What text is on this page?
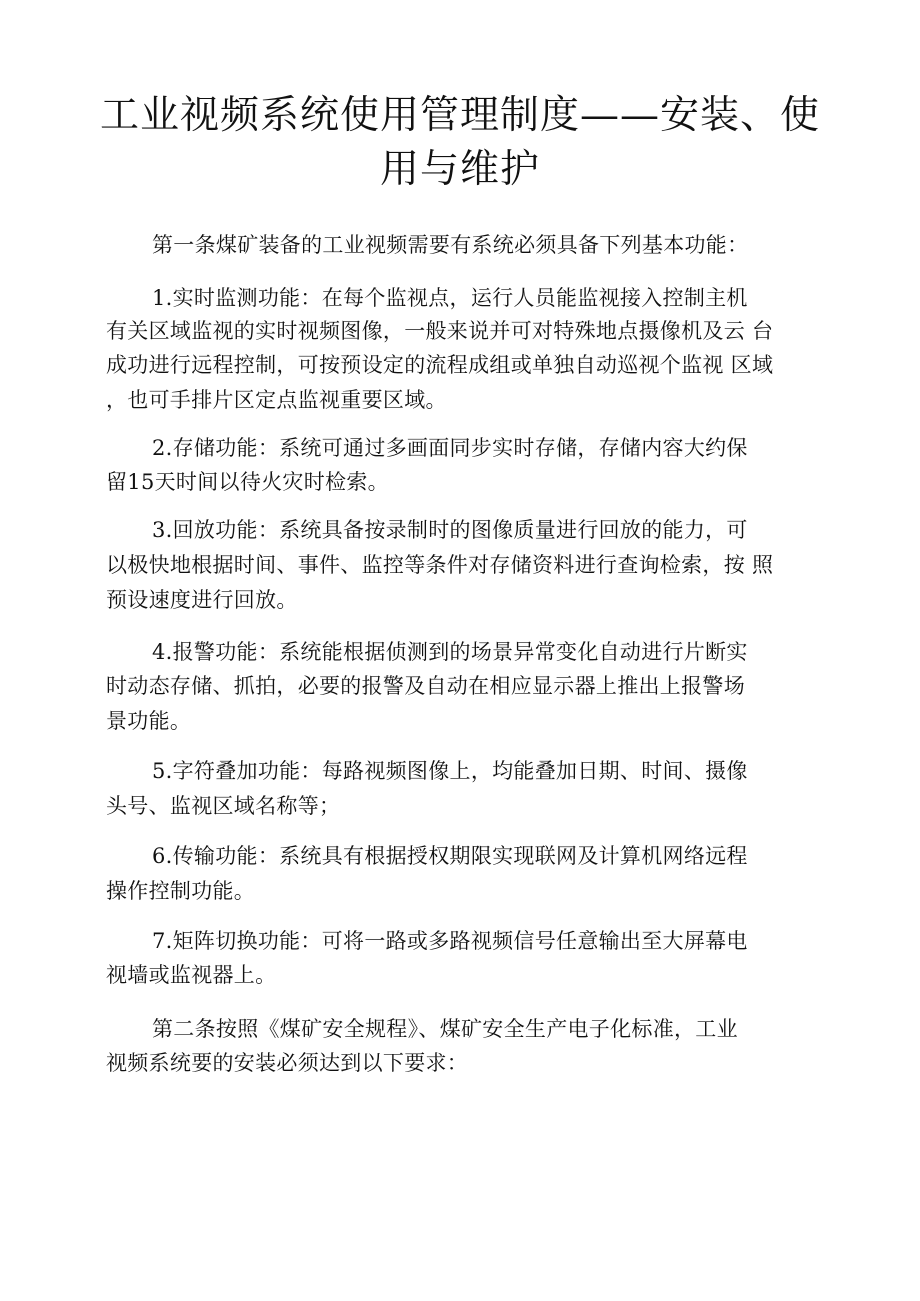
工业视频系统使用管理制度——安装、使
用与维护
第一条煤矿装备的工业视频需要有系统必须具备下列基本功能：
1.实时监测功能：在每个监视点，运行人员能监视接入控制主机
有关区域监视的实时视频图像，一般来说并可对特殊地点摄像机及云 台
成功进行远程控制，可按预设定的流程成组或单独自动巡视个监视 区域
，也可手排片区定点监视重要区域。
2.存储功能：系统可通过多画面同步实时存储，存储内容大约保
留15天时间以待火灾时检索。
3.回放功能：系统具备按录制时的图像质量进行回放的能力，可
以极快地根据时间、事件、监控等条件对存储资料进行查询检索，按 照
预设速度进行回放。
4.报警功能：系统能根据侦测到的场景异常变化自动进行片断实
时动态存储、抓拍，必要的报警及自动在相应显示器上推出上报警场
景功能。
5.字符叠加功能：每路视频图像上，均能叠加日期、时间、摄像
头号、监视区域名称等；
6.传输功能：系统具有根据授权期限实现联网及计算机网络远程
操作控制功能。
7.矩阵切换功能：可将一路或多路视频信号任意输出至大屏幕电
视墙或监视器上。
第二条按照《煤矿安全规程》、煤矿安全生产电子化标准，工业
视频系统要的安装必须达到以下要求：
